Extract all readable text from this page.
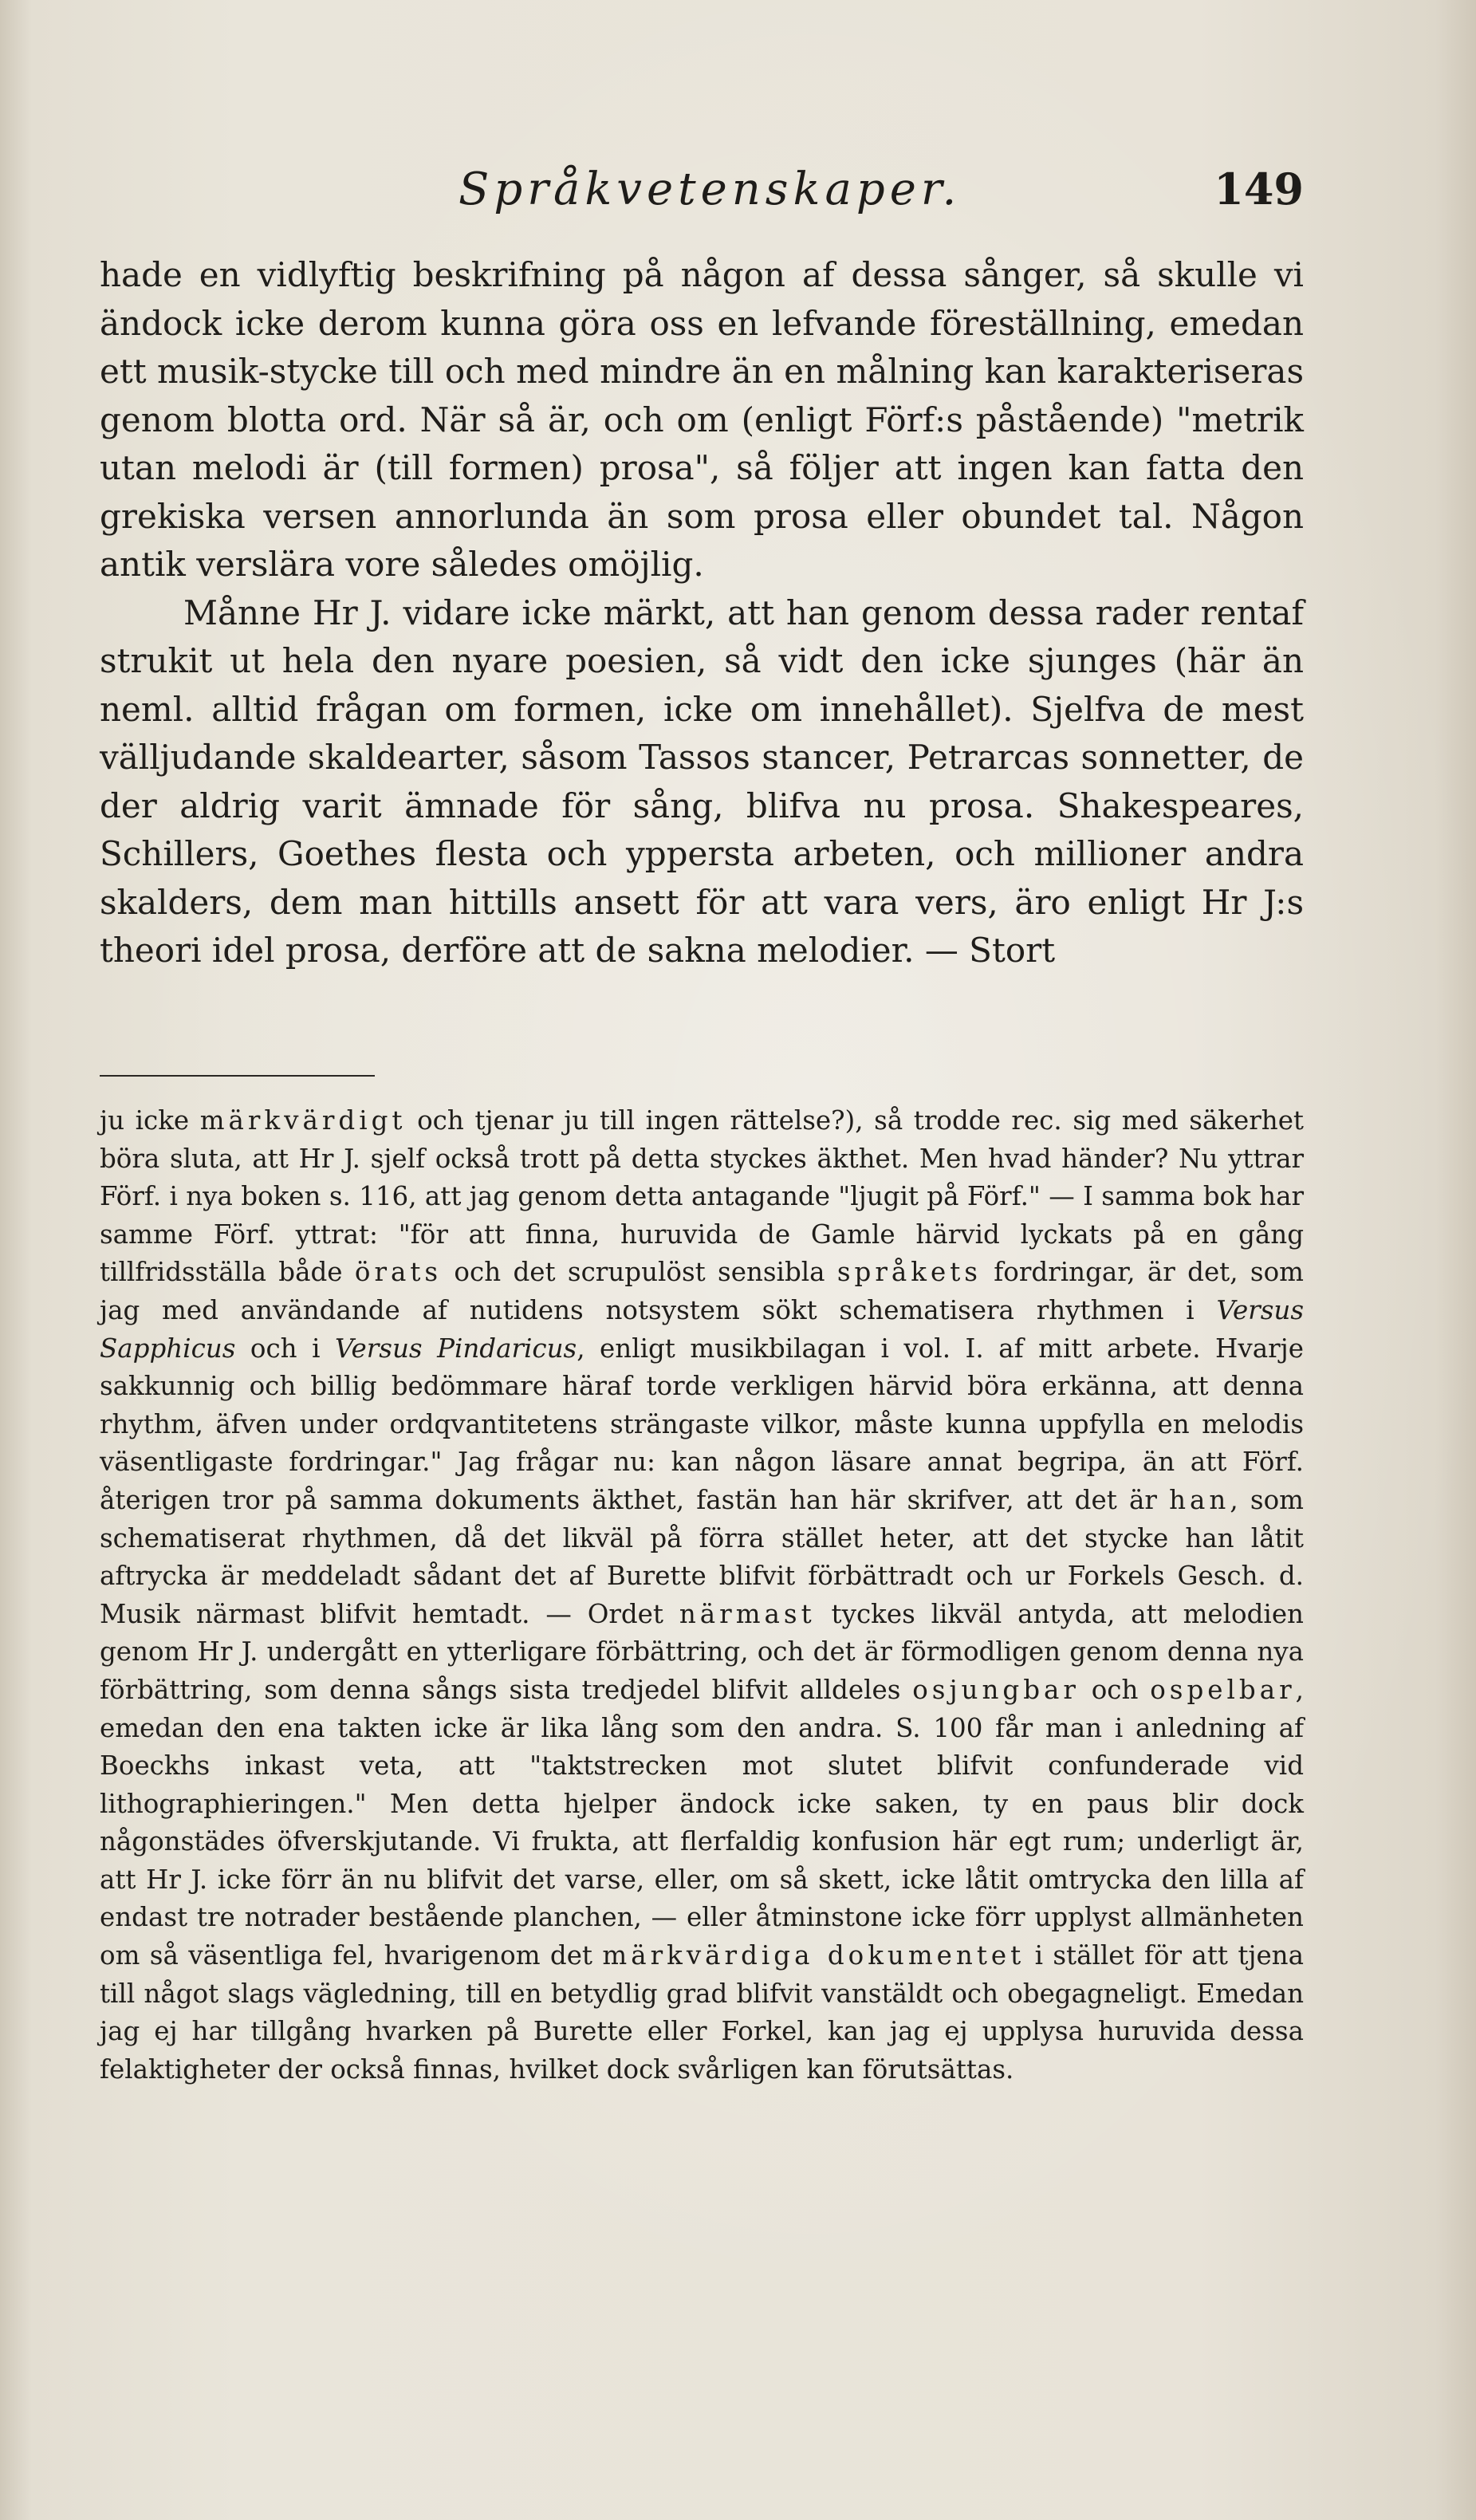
Språkvetenskaper.	149

hade en vidlyftig beskrifning på någon af dessa sånger, så skulle vi ändock icke derom kunna göra oss en lefvande föreställning, emedan ett musik-stycke till och med mindre än en målning kan karakteriseras genom blotta ord. När så är, och om (enligt Förf:s påstående) "metrik utan melodi är (till formen) prosa", så följer att ingen kan fatta den grekiska versen annorlunda än som prosa eller obundet tal. Någon antik verslära vore således omöjlig.

Månne Hr J. vidare icke märkt, att han genom dessa rader rentaf strukit ut hela den nyare poesien, så vidt den icke sjunges (här än neml. alltid frågan om formen, icke om innehållet). Sjelfva de mest välljudande skaldearter, såsom Tassos stancer, Petrarcas sonnetter, de der aldrig varit ämnade för sång, blifva nu prosa. Shakespeares, Schillers, Goethes flesta och yppersta arbeten, och millioner andra skalders, dem man hittills ansett för att vara vers, äro enligt Hr J:s theori idel prosa, derföre att de sakna melodier. — Stort

ju icke märkvärdigt och tjenar ju till ingen rättelse?), så trodde rec. sig med säkerhet böra sluta, att Hr J. sjelf också trott på detta styckes äkthet. Men hvad händer? Nu yttrar Förf. i nya boken s. 116, att jag genom detta antagande "ljugit på Förf." — I samma bok har samme Förf. yttrat: "för att finna, huruvida de Gamle härvid lyckats på en gång tillfridsställa både örats och det scrupulöst sensibla språkets fordringar, är det, som jag med användande af nutidens notsystem sökt schematisera rhythmen i Versus Sapphicus och i Versus Pindaricus, enligt musikbilagan i vol. I. af mitt arbete. Hvarje sakkunnig och billig bedömmare häraf torde verkligen härvid böra erkänna, att denna rhythm, äfven under ordqvantitetens strängaste vilkor, måste kunna uppfylla en melodis väsentligaste fordringar." Jag frågar nu: kan någon läsare annat begripa, än att Förf. återigen tror på samma dokuments äkthet, fastän han här skrifver, att det är han, som schematiserat rhythmen, då det likväl på förra stället heter, att det stycke han låtit aftrycka är meddeladt sådant det af Burette blifvit förbättradt och ur Forkels Gesch. d. Musik närmast blifvit hemtadt. — Ordet närmast tyckes likväl antyda, att melodien genom Hr J. undergått en ytterligare förbättring, och det är förmodligen genom denna nya förbättring, som denna sångs sista tredjedel blifvit alldeles osjungbar och ospelbar, emedan den ena takten icke är lika lång som den andra. S. 100 får man i anledning af Boeckhs inkast veta, att "taktstrecken mot slutet blifvit confunderade vid lithographieringen." Men detta hjelper ändock icke saken, ty en paus blir dock någonstädes öfverskjutande. Vi frukta, att flerfaldig konfusion här egt rum; underligt är, att Hr J. icke förr än nu blifvit det varse, eller, om så skett, icke låtit omtrycka den lilla af endast tre notrader bestående planchen, — eller åtminstone icke förr upplyst allmänheten om så väsentliga fel, hvarigenom det märkvärdiga dokumentet i stället för att tjena till något slags vägledning, till en betydlig grad blifvit vanstäldt och obegagneligt. Emedan jag ej har tillgång hvarken på Burette eller Forkel, kan jag ej upplysa huruvida dessa felaktigheter der också finnas, hvilket dock svårligen kan förutsättas.
